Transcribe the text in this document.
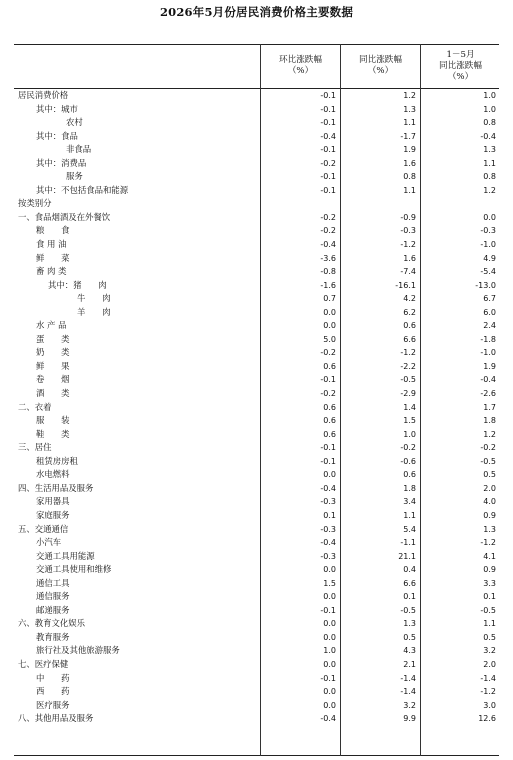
2026年5月份居民消费价格主要数据
环比涨跌幅
（%）
同比涨跌幅
（%）
1－5月
同比涨跌幅
（%）
居民消费价格	-0.1	1.2	1.0
其中：城市	-0.1	1.3	1.0
农村	-0.1	1.1	0.8
其中：食品	-0.4	-1.7	-0.4
非食品	-0.1	1.9	1.3
其中：消费品	-0.2	1.6	1.1
服务	-0.1	0.8	0.8
其中：不包括食品和能源	-0.1	1.1	1.2
按类别分
一、食品烟酒及在外餐饮	-0.2	-0.9	0.0
粮　　食	-0.2	-0.3	-0.3
食 用 油	-0.4	-1.2	-1.0
鲜　　菜	-3.6	1.6	4.9
畜 肉 类	-0.8	-7.4	-5.4
其中：猪　　肉	-1.6	-16.1	-13.0
牛　　肉	0.7	4.2	6.7
羊　　肉	0.0	6.2	6.0
水 产 品	0.0	0.6	2.4
蛋　　类	5.0	6.6	-1.8
奶　　类	-0.2	-1.2	-1.0
鲜　　果	0.6	-2.2	1.9
卷　　烟	-0.1	-0.5	-0.4
酒　　类	-0.2	-2.9	-2.6
二、衣着	0.6	1.4	1.7
服　　装	0.6	1.5	1.8
鞋　　类	0.6	1.0	1.2
三、居住	-0.1	-0.2	-0.2
租赁房房租	-0.1	-0.6	-0.5
水电燃料	0.0	0.6	0.5
四、生活用品及服务	-0.4	1.8	2.0
家用器具	-0.3	3.4	4.0
家庭服务	0.1	1.1	0.9
五、交通通信	-0.3	5.4	1.3
小汽车	-0.4	-1.1	-1.2
交通工具用能源	-0.3	21.1	4.1
交通工具使用和维修	0.0	0.4	0.9
通信工具	1.5	6.6	3.3
通信服务	0.0	0.1	0.1
邮递服务	-0.1	-0.5	-0.5
六、教育文化娱乐	0.0	1.3	1.1
教育服务	0.0	0.5	0.5
旅行社及其他旅游服务	1.0	4.3	3.2
七、医疗保健	0.0	2.1	2.0
中　　药	-0.1	-1.4	-1.4
西　　药	0.0	-1.4	-1.2
医疗服务	0.0	3.2	3.0
八、其他用品及服务	-0.4	9.9	12.6
